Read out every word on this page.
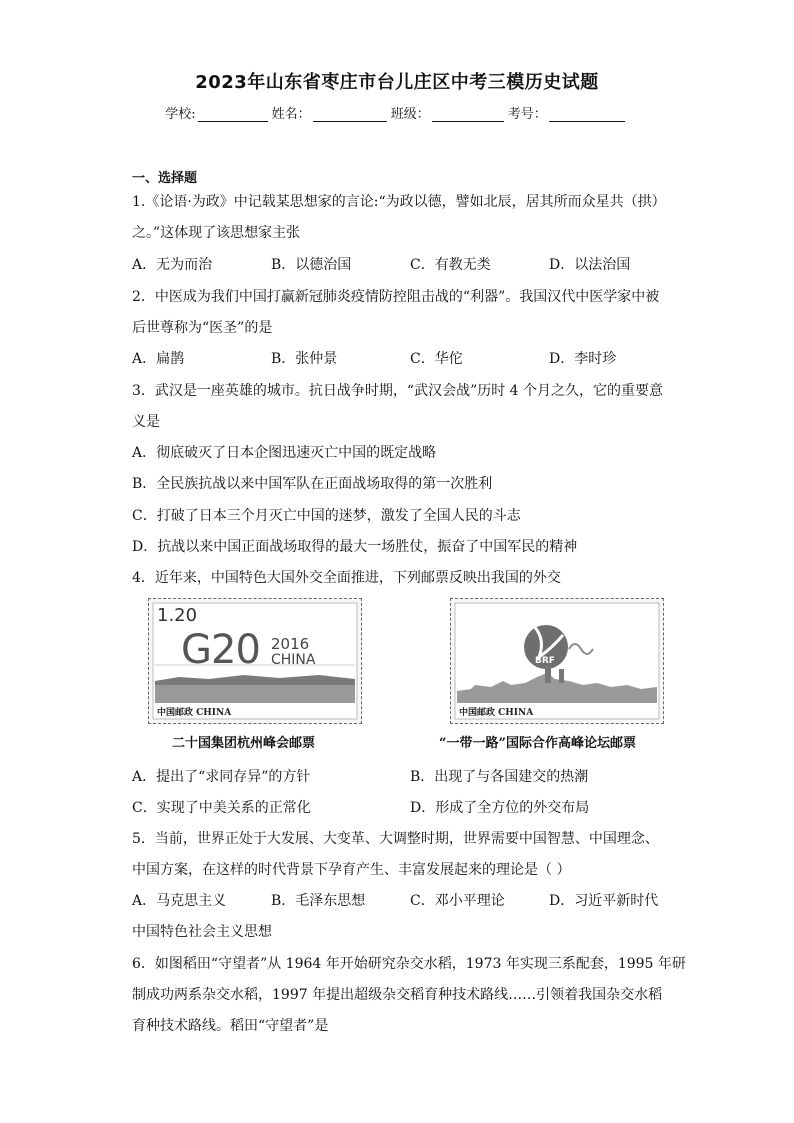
2023年山东省枣庄市台儿庄区中考三模历史试题
学校:	姓名：	班级：	考号：
一、选择题
1.《论语·为政》中记载某思想家的言论:“为政以德，譬如北辰，居其所而众星共（拱）
之。”这体现了该思想家主张
A．无为而治	B．以德治国	C．有教无类	D．以法治国
2．中医成为我们中国打赢新冠肺炎疫情防控阻击战的“利器”。我国汉代中医学家中被
后世尊称为“医圣”的是
A．扁鹊	B．张仲景	C．华佗	D．李时珍
3．武汉是一座英雄的城市。抗日战争时期，“武汉会战”历时 4 个月之久，它的重要意
义是
A．彻底破灭了日本企图迅速灭亡中国的既定战略
B．全民族抗战以来中国军队在正面战场取得的第一次胜利
C．打破了日本三个月灭亡中国的迷梦，激发了全国人民的斗志
D．抗战以来中国正面战场取得的最大一场胜仗，振奋了中国军民的精神
4．近年来，中国特色大国外交全面推进，下列邮票反映出我国的外交
1.20
G20 2016
CHINA
中国邮政 CHINA
二十国集团杭州峰会邮票
BRF
中国邮政 CHINA
“一带一路”国际合作高峰论坛邮票
A．提出了“求同存异”的方针	B．出现了与各国建交的热潮
C．实现了中美关系的正常化	D．形成了全方位的外交布局
5．当前，世界正处于大发展、大变革、大调整时期，世界需要中国智慧、中国理念、
中国方案，在这样的时代背景下孕育产生、丰富发展起来的理论是（ ）
A．马克思主义	B．毛泽东思想	C．邓小平理论	D．习近平新时代
中国特色社会主义思想
6．如图稻田“守望者”从 1964 年开始研究杂交水稻，1973 年实现三系配套，1995 年研
制成功两系杂交水稻，1997 年提出超级杂交稻育种技术路线……引领着我国杂交水稻
育种技术路线。稻田“守望者”是
